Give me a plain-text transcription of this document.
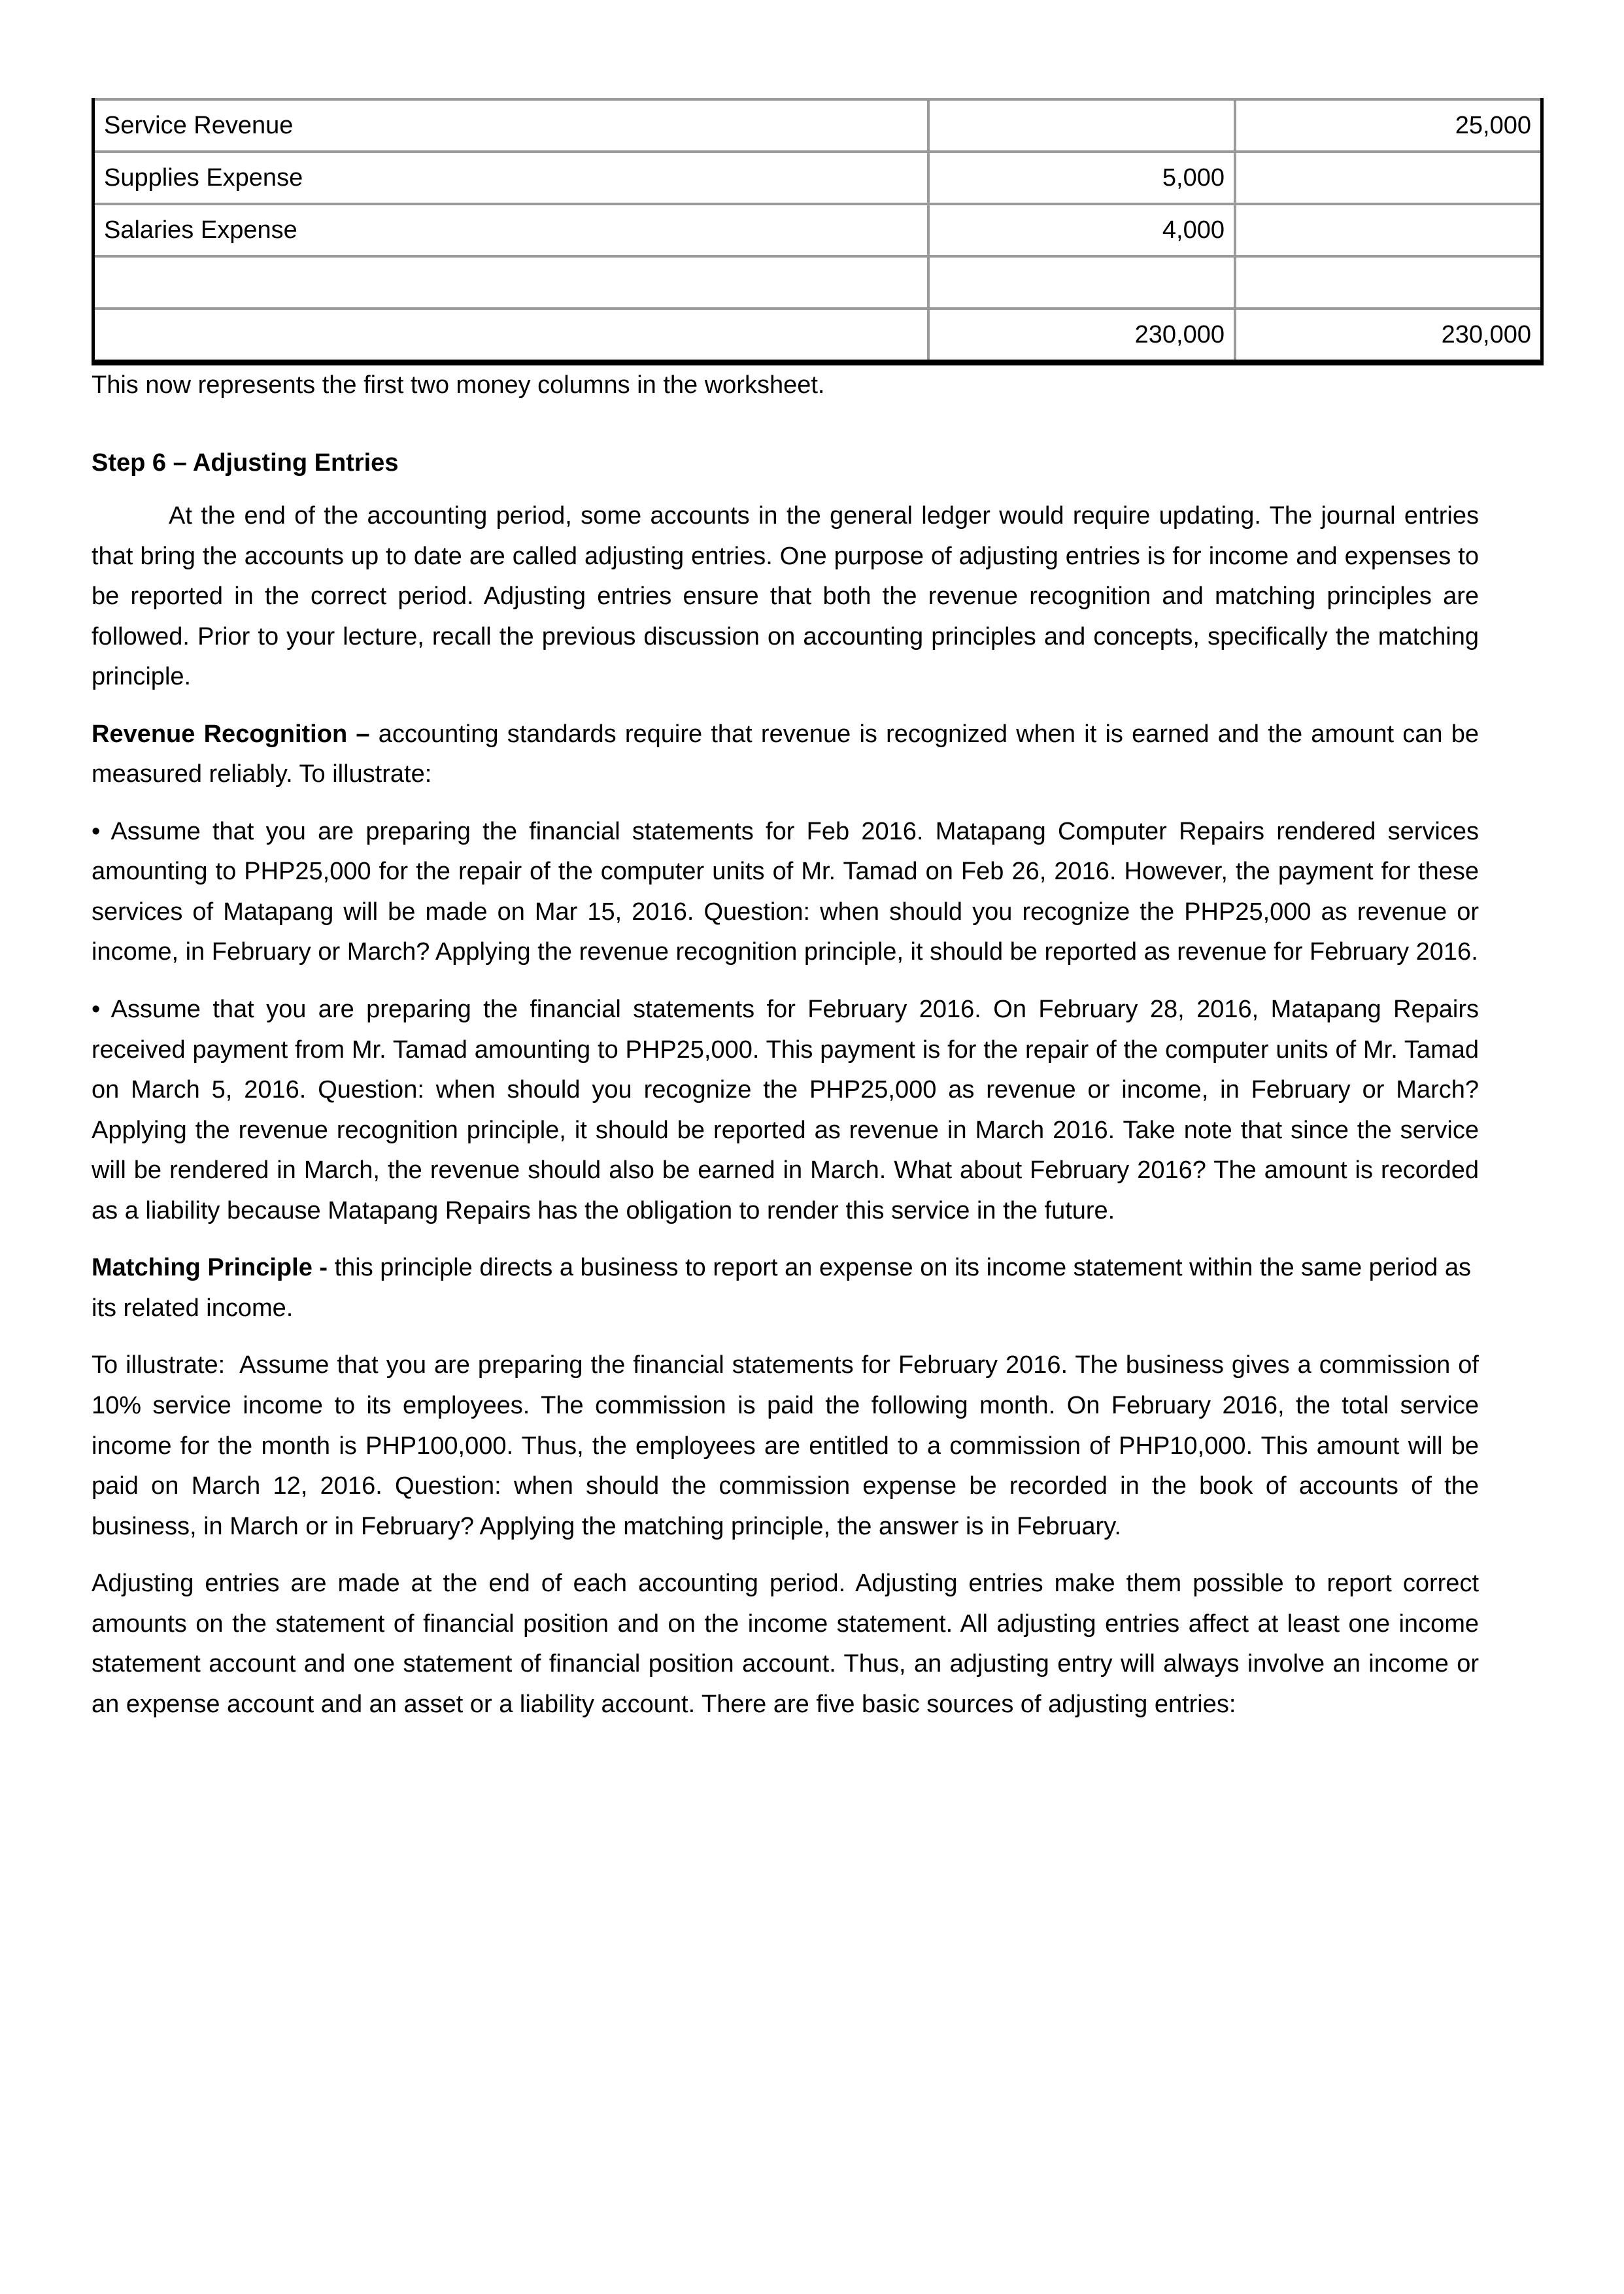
Service Revenue		25,000
Supplies Expense	5,000	
Salaries Expense	4,000	

	230,000	230,000
This now represents the first two money columns in the worksheet.
Step 6 – Adjusting Entries

At the end of the accounting period, some accounts in the general ledger would require updating. The journal entries that bring the accounts up to date are called adjusting entries. One purpose of adjusting entries is for income and expenses to be reported in the correct period. Adjusting entries ensure that both the revenue recognition and matching principles are followed. Prior to your lecture, recall the previous discussion on accounting principles and concepts, specifically the matching principle.

Revenue Recognition – accounting standards require that revenue is recognized when it is earned and the amount can be measured reliably. To illustrate:

• Assume that you are preparing the financial statements for Feb 2016. Matapang Computer Repairs rendered services amounting to PHP25,000 for the repair of the computer units of Mr. Tamad on Feb 26, 2016. However, the payment for these services of Matapang will be made on Mar 15, 2016. Question: when should you recognize the PHP25,000 as revenue or income, in February or March? Applying the revenue recognition principle, it should be reported as revenue for February 2016.

• Assume that you are preparing the financial statements for February 2016. On February 28, 2016, Matapang Repairs received payment from Mr. Tamad amounting to PHP25,000. This payment is for the repair of the computer units of Mr. Tamad on March 5, 2016. Question: when should you recognize the PHP25,000 as revenue or income, in February or March? Applying the revenue recognition principle, it should be reported as revenue in March 2016. Take note that since the service will be rendered in March, the revenue should also be earned in March. What about February 2016? The amount is recorded as a liability because Matapang Repairs has the obligation to render this service in the future.

Matching Principle - this principle directs a business to report an expense on its income statement within the same period as its related income.

To illustrate:  Assume that you are preparing the financial statements for February 2016. The business gives a commission of 10% service income to its employees. The commission is paid the following month. On February 2016, the total service income for the month is PHP100,000. Thus, the employees are entitled to a commission of PHP10,000. This amount will be paid on March 12, 2016. Question: when should the commission expense be recorded in the book of accounts of the business, in March or in February? Applying the matching principle, the answer is in February.

Adjusting entries are made at the end of each accounting period. Adjusting entries make them possible to report correct amounts on the statement of financial position and on the income statement. All adjusting entries affect at least one income statement account and one statement of financial position account. Thus, an adjusting entry will always involve an income or an expense account and an asset or a liability account. There are five basic sources of adjusting entries:
